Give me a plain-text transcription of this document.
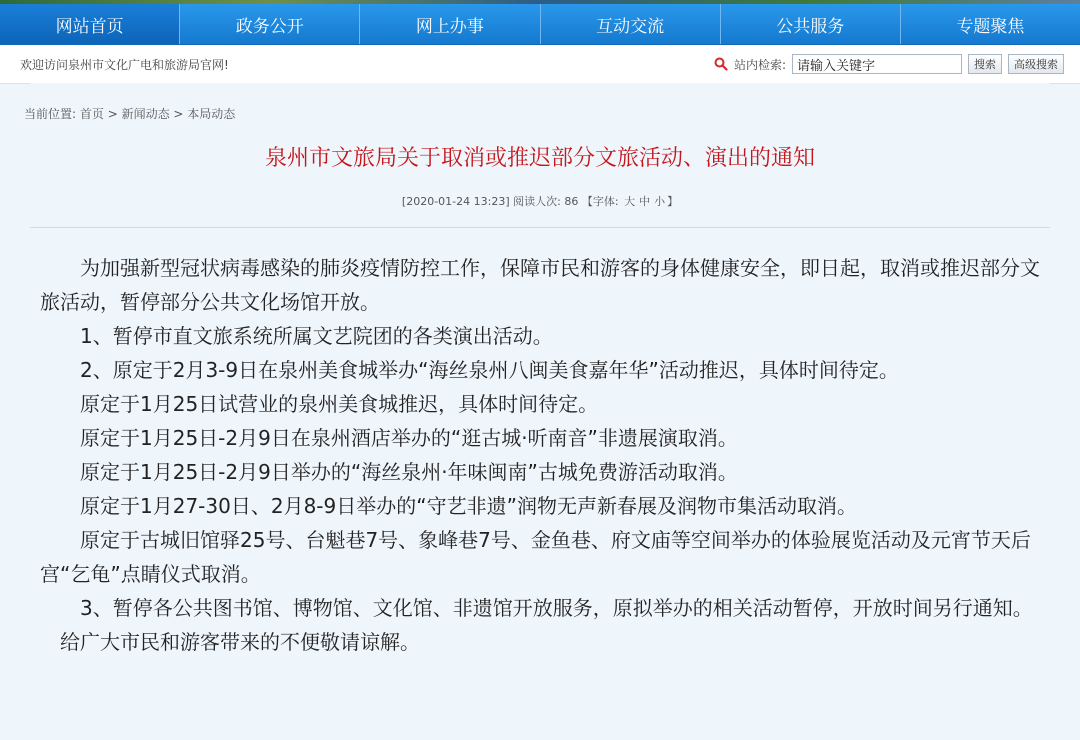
网站首页	政务公开	网上办事	互动交流	公共服务	专题聚焦
欢迎访问泉州市文化广电和旅游局官网!	站内检索:
请输入关键字	搜索	高级搜索
当前位置: 首页 > 新闻动态 > 本局动态
泉州市文旅局关于取消或推迟部分文旅活动、演出的通知
[2020-01-24 13:23] 阅读人次: 86 【字体: 大 中 小 】

为加强新型冠状病毒感染的肺炎疫情防控工作，保障市民和游客的身体健康安全，即日起，取消或推迟部分文旅活动，暂停部分公共文化场馆开放。

1、暂停市直文旅系统所属文艺院团的各类演出活动。

2、原定于2月3-9日在泉州美食城举办“海丝泉州八闽美食嘉年华”活动推迟，具体时间待定。

原定于1月25日试营业的泉州美食城推迟，具体时间待定。

原定于1月25日-2月9日在泉州酒店举办的“逛古城·听南音”非遗展演取消。

原定于1月25日-2月9日举办的“海丝泉州·年味闽南”古城免费游活动取消。

原定于1月27-30日、2月8-9日举办的“守艺非遗”润物无声新春展及润物市集活动取消。

原定于古城旧馆驿25号、台魁巷7号、象峰巷7号、金鱼巷、府文庙等空间举办的体验展览活动及元宵节天后宫“乞龟”点睛仪式取消。

3、暂停各公共图书馆、博物馆、文化馆、非遗馆开放服务，原拟举办的相关活动暂停，开放时间另行通知。

给广大市民和游客带来的不便敬请谅解。
